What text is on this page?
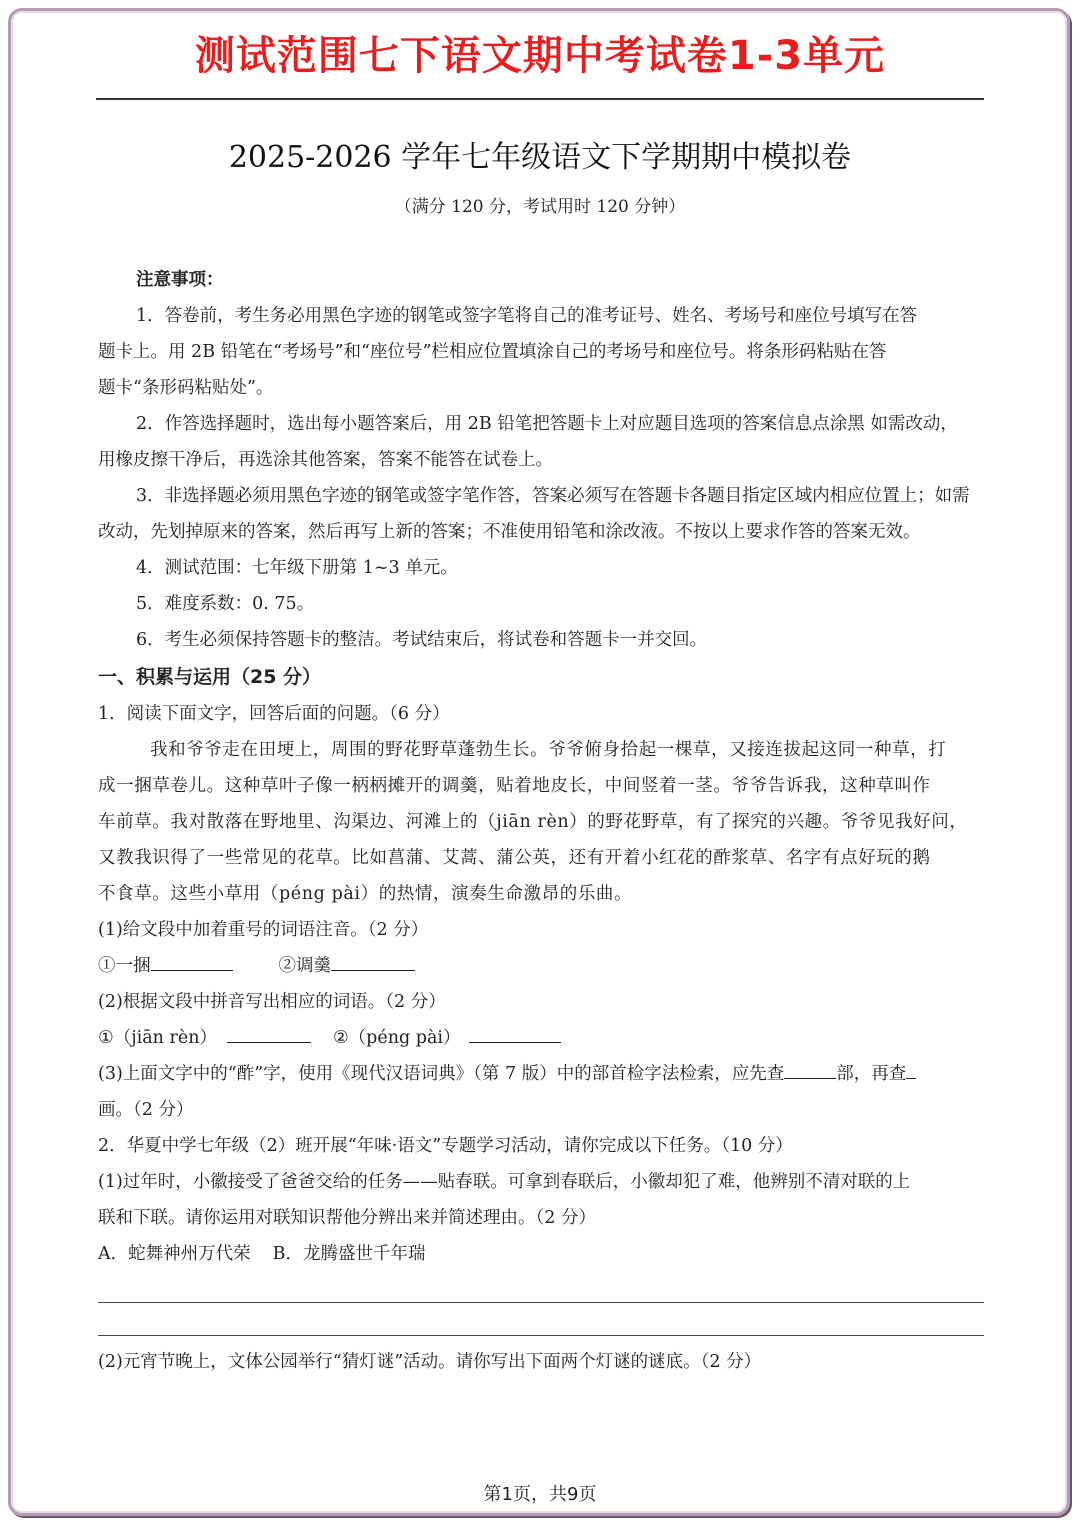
测试范围七下语文期中考试卷1-3单元
2025-2026 学年七年级语文下学期期中模拟卷
（满分 120 分，考试用时 120 分钟）
注意事项：
1．答卷前，考生务必用黑色字迹的钢笔或签字笔将自己的准考证号、姓名、考场号和座位号填写在答
题卡上。用 2B 铅笔在“考场号”和“座位号”栏相应位置填涂自己的考场号和座位号。将条形码粘贴在答
题卡“条形码粘贴处”。
2．作答选择题时，选出每小题答案后，用 2B 铅笔把答题卡上对应题目选项的答案信息点涂黑 如需改动，
用橡皮擦干净后，再选涂其他答案，答案不能答在试卷上。
3．非选择题必须用黑色字迹的钢笔或签字笔作答，答案必须写在答题卡各题目指定区域内相应位置上；如需
改动，先划掉原来的答案，然后再写上新的答案；不准使用铅笔和涂改液。不按以上要求作答的答案无效。
4．测试范围：七年级下册第 1~3 单元。
5．难度系数：0. 75。
6．考生必须保持答题卡的整洁。考试结束后，将试卷和答题卡一并交回。
一、积累与运用（25 分）
1．阅读下面文字，回答后面的问题。（6 分）
我和爷爷走在田埂上，周围的野花野草蓬勃生长。爷爷俯身拾起一棵草，又接连拔起这同一种草，打
成一捆草卷儿。这种草叶子像一柄柄摊开的调羹，贴着地皮长，中间竖着一茎。爷爷告诉我，这种草叫作
车前草。我对散落在野地里、沟渠边、河滩上的（jiān rèn）的野花野草，有了探究的兴趣。爷爷见我好问，
又教我识得了一些常见的花草。比如菖蒲、艾蒿、蒲公英，还有开着小红花的酢浆草、名字有点好玩的鹅
不食草。这些小草用（péng pài）的热情，演奏生命激昂的乐曲。
(1)给文段中加着重号的词语注音。（2 分）
①一捆	②调羹
(2)根据文段中拼音写出相应的词语。（2 分）
①（jiān rèn）	②（péng pài）
(3)上面文字中的“酢”字，使用《现代汉语词典》（第 7 版）中的部首检字法检索，应先查	部，再查
画。（2 分）
2．华夏中学七年级（2）班开展“年味·语文”专题学习活动，请你完成以下任务。（10 分）
(1)过年时，小徽接受了爸爸交给的任务——贴春联。可拿到春联后，小徽却犯了难，他辨别不清对联的上
联和下联。请你运用对联知识帮他分辨出来并简述理由。（2 分）
A．蛇舞神州万代荣 B．龙腾盛世千年瑞
(2)元宵节晚上，文体公园举行“猜灯谜”活动。请你写出下面两个灯谜的谜底。（2 分）
第1页，共9页
